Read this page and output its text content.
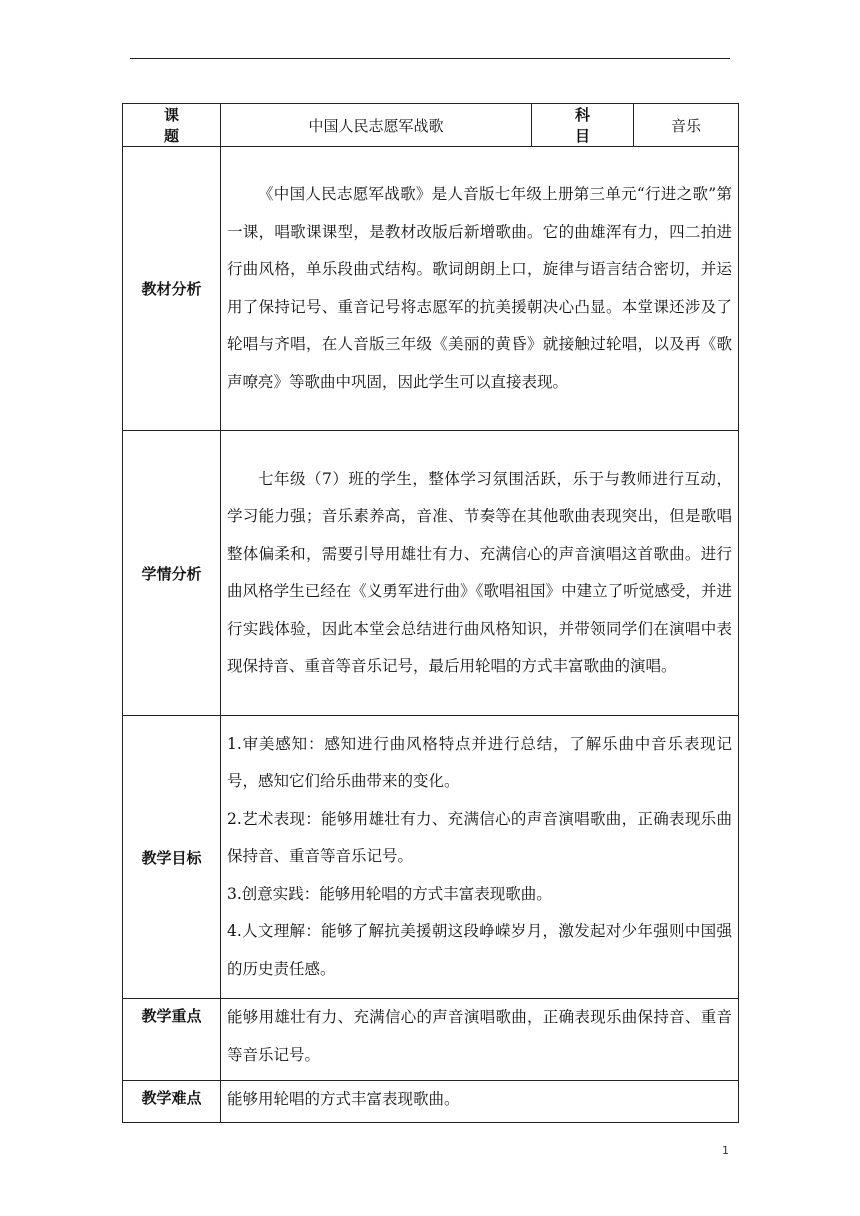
课题	中国人民志愿军战歌	科目	音乐
教材分析	《中国人民志愿军战歌》是人音版七年级上册第三单元“行进之歌”第一课，唱歌课课型，是教材改版后新增歌曲。它的曲雄浑有力，四二拍进行曲风格，单乐段曲式结构。歌词朗朗上口，旋律与语言结合密切，并运用了保持记号、重音记号将志愿军的抗美援朝决心凸显。本堂课还涉及了轮唱与齐唱，在人音版三年级《美丽的黄昏》就接触过轮唱，以及再《歌声嘹亮》等歌曲中巩固，因此学生可以直接表现。		

学情分析	七年级（7）班的学生，整体学习氛围活跃，乐于与教师进行互动，学习能力强；音乐素养高，音准、节奏等在其他歌曲表现突出，但是歌唱整体偏柔和，需要引导用雄壮有力、充满信心的声音演唱这首歌曲。进行曲风格学生已经在《义勇军进行曲》《歌唱祖国》中建立了听觉感受，并进行实践体验，因此本堂会总结进行曲风格知识，并带领同学们在演唱中表现保持音、重音等音乐记号，最后用轮唱的方式丰富歌曲的演唱。		

教学目标	1.审美感知：感知进行曲风格特点并进行总结，了解乐曲中音乐表现记号，感知它们给乐曲带来的变化。

2.艺术表现：能够用雄壮有力、充满信心的声音演唱歌曲，正确表现乐曲保持音、重音等音乐记号。

3.创意实践：能够用轮唱的方式丰富表现歌曲。

4.人文理解：能够了解抗美援朝这段峥嵘岁月，激发起对少年强则中国强的历史责任感。		

教学重点	能够用雄壮有力、充满信心的声音演唱歌曲，正确表现乐曲保持音、重音等音乐记号。		

教学难点	能够用轮唱的方式丰富表现歌曲。		

1
